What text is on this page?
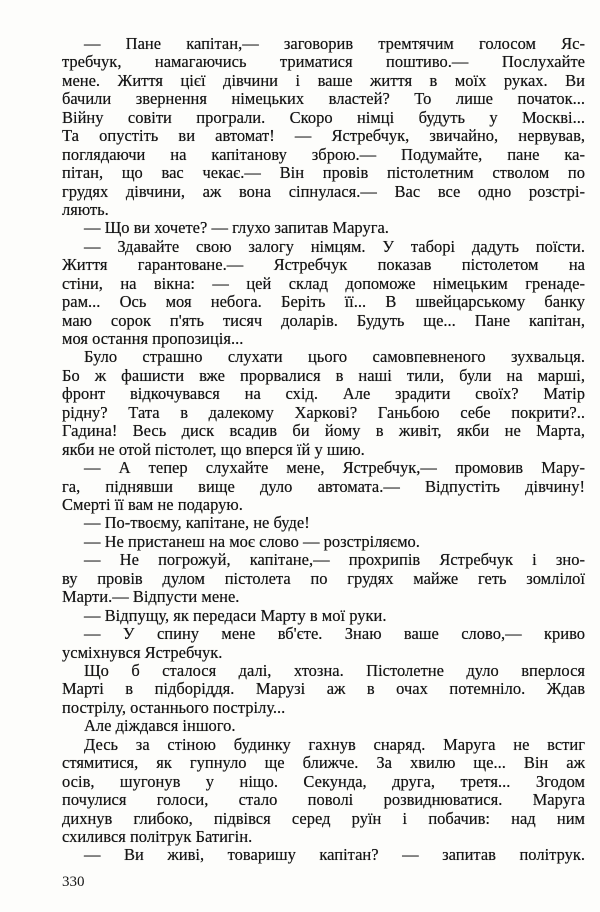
— Пане капітан,— заговорив тремтячим голосом Яс-
требчук, намагаючись триматися поштиво.— Послухайте
мене. Життя цієї дівчини і ваше життя в моїх руках. Ви
бачили звернення німецьких властей? То лише початок...
Війну совіти програли. Скоро німці будуть у Москві...
Та опустіть ви автомат! — Ястребчук, звичайно, нервував,
поглядаючи на капітанову зброю.— Подумайте, пане ка-
пітан, що вас чекає.— Він провів пістолетним стволом по
грудях дівчини, аж вона сіпнулася.— Вас все одно розстрі-
ляють.
— Що ви хочете? — глухо запитав Маруга.
— Здавайте свою залогу німцям. У таборі дадуть поїсти.
Життя гарантоване.— Ястребчук показав пістолетом на
стіни, на вікна: — цей склад допоможе німецьким гренаде-
рам... Ось моя небога. Беріть її... В швейцарському банку
маю сорок п'ять тисяч доларів. Будуть ще... Пане капітан,
моя остання пропозиція...
Було страшно слухати цього самовпевненого зухвальця.
Бо ж фашисти вже прорвалися в наші тили, були на марші,
фронт відкочувався на схід. Але зрадити своїх? Матір
рідну? Тата в далекому Харкові? Ганьбою себе покрити?..
Гадина! Весь диск всадив би йому в живіт, якби не Марта,
якби не отой пістолет, що вперся їй у шию.
— А тепер слухайте мене, Ястребчук,— промовив Мару-
га, піднявши вище дуло автомата.— Відпустіть дівчину!
Смерті її вам не подарую.
— По-твоєму, капітане, не буде!
— Не пристанеш на моє слово — розстріляємо.
— Не погрожуй, капітане,— прохрипів Ястребчук і зно-
ву провів дулом пістолета по грудях майже геть зомлілої
Марти.— Відпусти мене.
— Відпущу, як передаси Марту в мої руки.
— У спину мене вб'єте. Знаю ваше слово,— криво
усміхнувся Ястребчук.
Що б сталося далі, хтозна. Пістолетне дуло вперлося
Марті в підборіддя. Марузі аж в очах потемніло. Ждав
пострілу, останнього пострілу...
Але діждався іншого.
Десь за стіною будинку гахнув снаряд. Маруга не встиг
стямитися, як гупнуло ще ближче. За хвилю ще... Він аж
осів, шугонув у ніщо. Секунда, друга, третя... Згодом
почулися голоси, стало поволі розвиднюватися. Маруга
дихнув глибоко, підвівся серед руїн і побачив: над ним
схилився політрук Батигін.
— Ви живі, товаришу капітан? — запитав політрук.
330
